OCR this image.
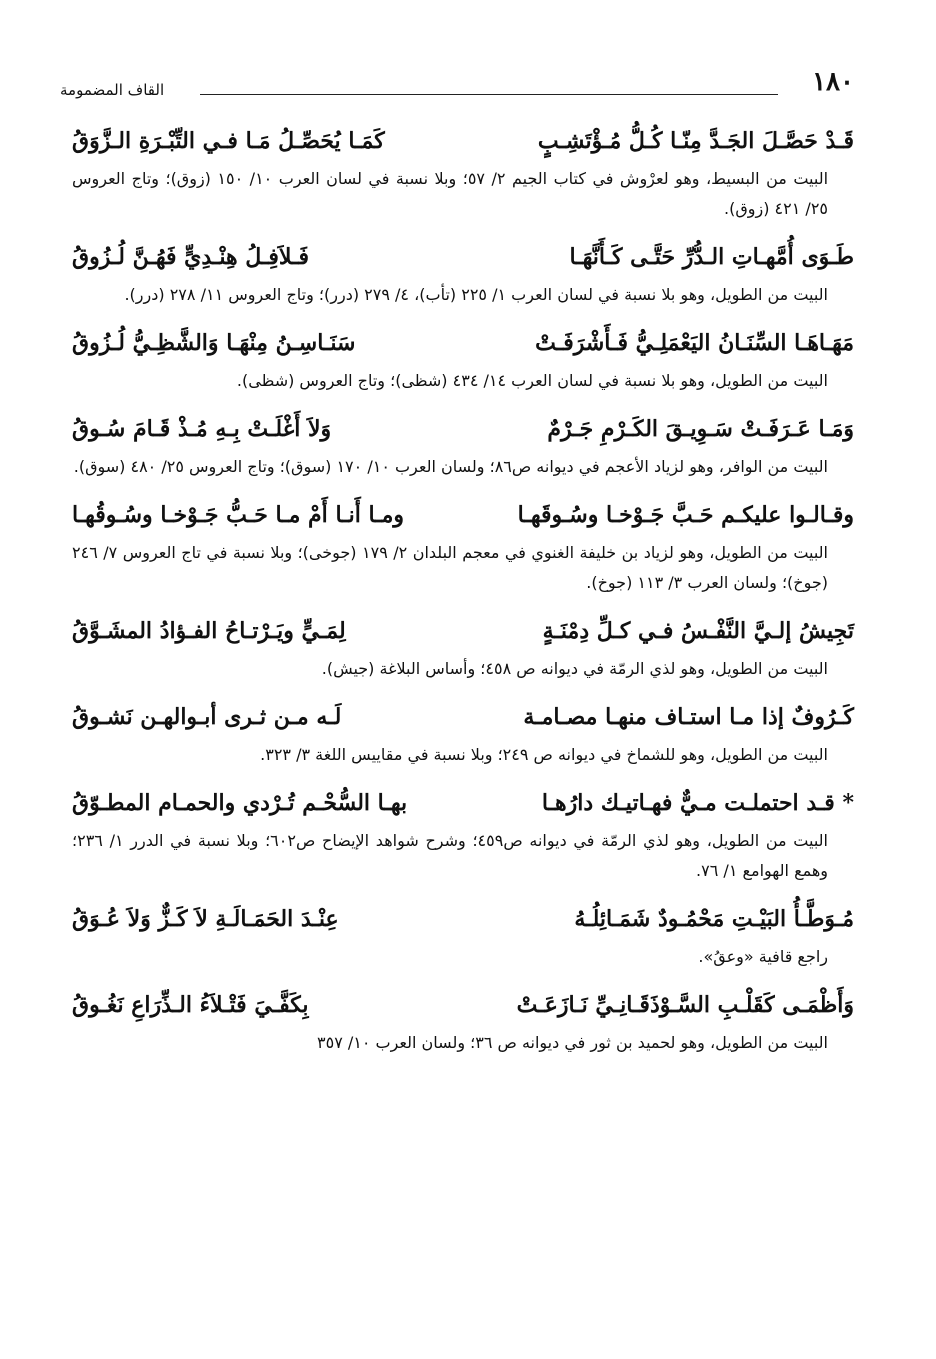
١٨٠
القاف المضمومة
قَـدْ حَصَّـلَ الجَـدَّ مِنّـا كُـلُّ مُـؤْتَشِـبٍ
كَمَـا يُحَصِّـلُ مَـا فـي التِّبْـرَةِ الـزَّوَقُ
البيت من البسيط، وهو لعرْوش في كتاب الجيم ٢/ ٥٧؛ وبلا نسبة في لسان العرب ١٠/ ١٥٠ (زوق)؛ وتاج العروس ٢٥/ ٤٢١ (زوق).
طَـوَى أُمَّهـاتِ الـدُّرِّ حَتَّـى كَـأَنَّهَـا
فَـلاَفِـلُ هِنْـدِيٍّ فَهُـنَّ لُـزُوقُ
البيت من الطويل، وهو بلا نسبة في لسان العرب ١/ ٢٢٥ (تأب)، ٤/ ٢٧٩ (درر)؛ وتاج العروس ١١/ ٢٧٨ (درر).
مَهَـاهَـا السِّنَـانُ اليَعْمَلِـيُّ فَـأَشْرَفَـتْ
سَنَـاسِـنُ مِنْهَـا وَالشَّظِـيُّ لُـزُوقُ
البيت من الطويل، وهو بلا نسبة في لسان العرب ١٤/ ٤٣٤ (شظى)؛ وتاج العروس (شظى).
وَمَـا عَـرَفَـتْ سَـوِيـقَ الكَـرْمِ جَـرْمٌ
وَلاَ أَغْلَـتْ بِـهِ مُـذْ قَـامَ سُـوقُ
البيت من الوافر، وهو لزياد الأعجم في ديوانه ص٨٦؛ ولسان العرب ١٠/ ١٧٠ (سوق)؛ وتاج العروس ٢٥/ ٤٨٠ (سوق).
وقـالـوا عليكـم حَـبَّ جَـوْخـا وسُـوقَهـا
ومـا أَنـا أَمْ مـا حَـبُّ جَـوْخـا وسُـوقُهـا
البيت من الطويل، وهو لزياد بن خليفة الغنوي في معجم البلدان ٢/ ١٧٩ (جوخى)؛ وبلا نسبة في تاج العروس ٧/ ٢٤٦ (جوخ)؛ ولسان العرب ٣/ ١١٣ (جوخ).
تَجِيشُ إلـيَّ النَّفْـسُ فـي كـلِّ دِمْنَـةٍ
لِمَـيٍّ ويَـرْتـاحُ الفـؤادُ المشَـوَّقُ
البيت من الطويل، وهو لذي الرمّة في ديوانه ص ٤٥٨؛ وأساس البلاغة (جيش).
كَـرُوفٌ إذا مـا استـاف منهـا مصـامـة
لَـه مـن ثـرى أبـوالهـن نَشـوقُ
البيت من الطويل، وهو للشماخ في ديوانه ص ٢٤٩؛ وبلا نسبة في مقاييس اللغة ٣/ ٣٢٣.
* قـد احتملـت مـيٌّ فهـاتيـك دارُهـا
بهـا السُّحْـم تُـرْدي والحمـام المطـوّقُ
البيت من الطويل، وهو لذي الرمّة في ديوانه ص٤٥٩؛ وشرح شواهد الإيضاح ص٦٠٢؛ وبلا نسبة في الدرر ١/ ٢٣٦؛ وهمع الهوامع ١/ ٧٦.
مُـوَطَّـأُ البَيْـتِ مَحْمُـودٌ شَمَـائِلُـهُ
عِنْـدَ الحَمَـالَـةِ لاَ كَـزٌّ وَلاَ عُـوَقُ
راجع قافية «وعقُ».
وَأَظْمَـى كَقَلْـبِ السَّـوْذَقَـانِـيِّ نَـازَعَـتْ
بِكَفَّـيَ فَتْـلاَءُ الـذِّرَاعِ نَغُـوقُ
البيت من الطويل، وهو لحميد بن ثور في ديوانه ص ٣٦؛ ولسان العرب ١٠/ ٣٥٧
